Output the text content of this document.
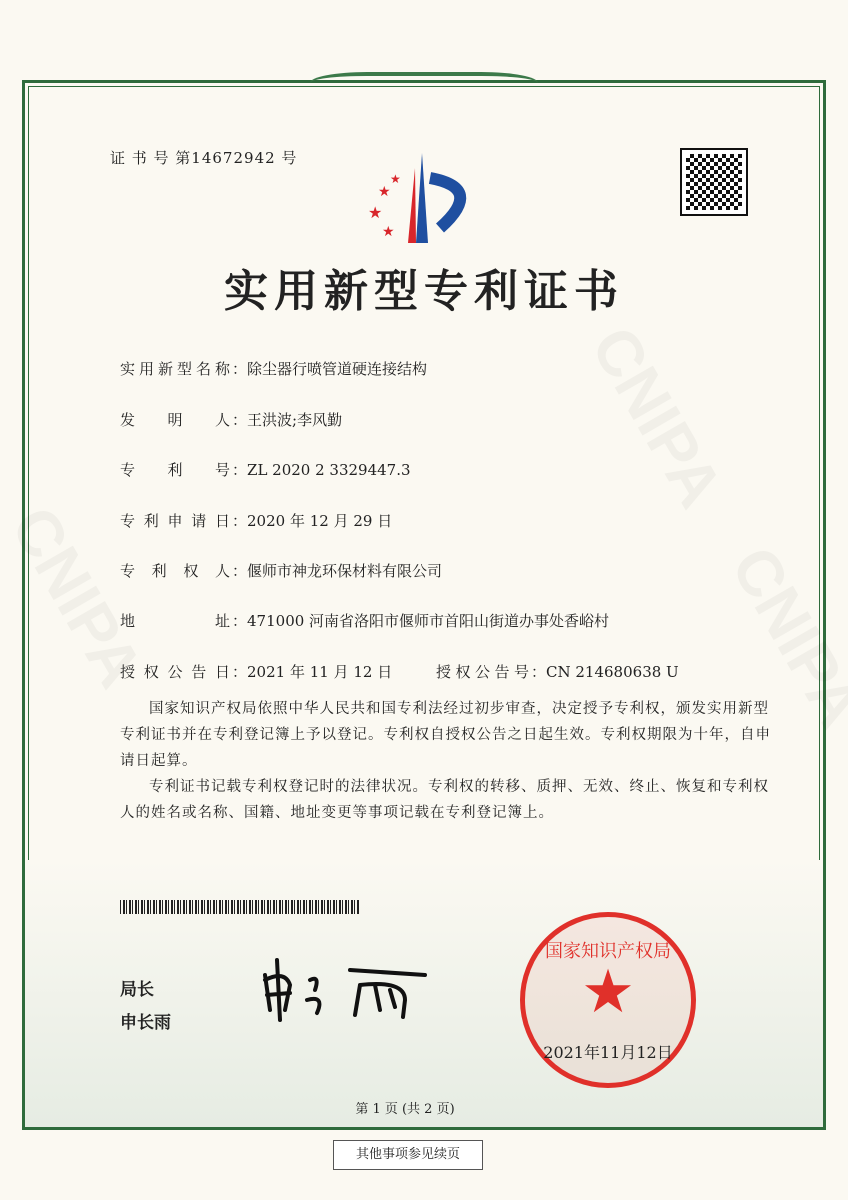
证 书 号 第14672942 号
★
★
★
★
实用新型专利证书
实用新型名称：除尘器行喷管道硬连接结构
发明人：王洪波;李风勤
专利号：ZL 2020 2 3329447.3
专利申请日：2020 年 12 月 29 日
专利权人：偃师市神龙环保材料有限公司
地址：471000 河南省洛阳市偃师市首阳山街道办事处香峪村
授权公告日：2021 年 11 月 12 日	授权公告号：CN 214680638 U

国家知识产权局依照中华人民共和国专利法经过初步审查，决定授予专利权，颁发实用新型专利证书并在专利登记簿上予以登记。专利权自授权公告之日起生效。专利权期限为十年，自申请日起算。

专利证书记载专利权登记时的法律状况。专利权的转移、质押、无效、终止、恢复和专利权人的姓名或名称、国籍、地址变更等事项记载在专利登记簿上。

局长
申长雨	★
国家知识产权局
2021年11月12日
第 1 页 (共 2 页)
其他事项参见续页
